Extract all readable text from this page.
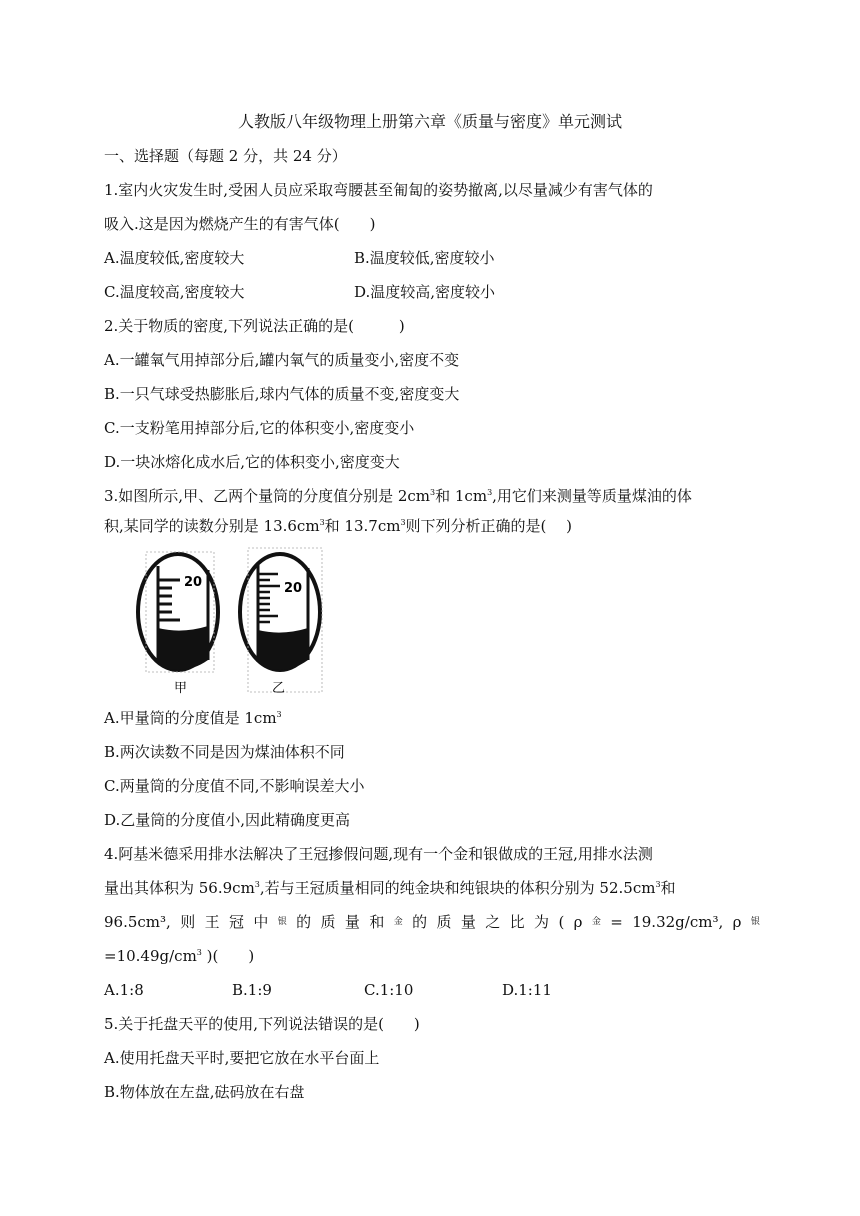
人教版八年级物理上册第六章《质量与密度》单元测试
一、选择题（每题 2 分，共 24 分）
1.室内火灾发生时,受困人员应采取弯腰甚至匍匐的姿势撤离,以尽量减少有害气体的
吸入.这是因为燃烧产生的有害气体(　　)
A.温度较低,密度较大	B.温度较低,密度较小
C.温度较高,密度较大	D.温度较高,密度较小
2.关于物质的密度,下列说法正确的是(　　　)
A.一罐氧气用掉部分后,罐内氧气的质量变小,密度不变
B.一只气球受热膨胀后,球内气体的质量不变,密度变大
C.一支粉笔用掉部分后,它的体积变小,密度变小
D.一块冰熔化成水后,它的体积变小,密度变大
3.如图所示,甲、乙两个量筒的分度值分别是 $2cm^3$和 $1cm^3$,用它们来测量等质量煤油的体
积,某同学的读数分别是 $13.6cm^3$和 $13.7cm^3$则下列分析正确的是(　 )
20
甲
20
乙
A.甲量筒的分度值是 $1cm^3$
B.两次读数不同是因为煤油体积不同
C.两量筒的分度值不同,不影响误差大小
D.乙量筒的分度值小,因此精确度更高
4.阿基米德采用排水法解决了王冠掺假问题,现有一个金和银做成的王冠,用排水法测
量出其体积为 $56.9cm^3$,若与王冠质量相同的纯金块和纯银块的体积分别为 $52.5cm^3$和
96.5cm³, 则 王 冠 中 银 的 质 量 和 金 的 质 量 之 比 为 ( ρ 金 = 19.32g/cm³, ρ 银
$=10.49g/cm^3$ )(　　)
A.1:8	B.1:9	C.1:10	D.1:11
5.关于托盘天平的使用,下列说法错误的是(　　)
A.使用托盘天平时,要把它放在水平台面上
B.物体放在左盘,砝码放在右盘
